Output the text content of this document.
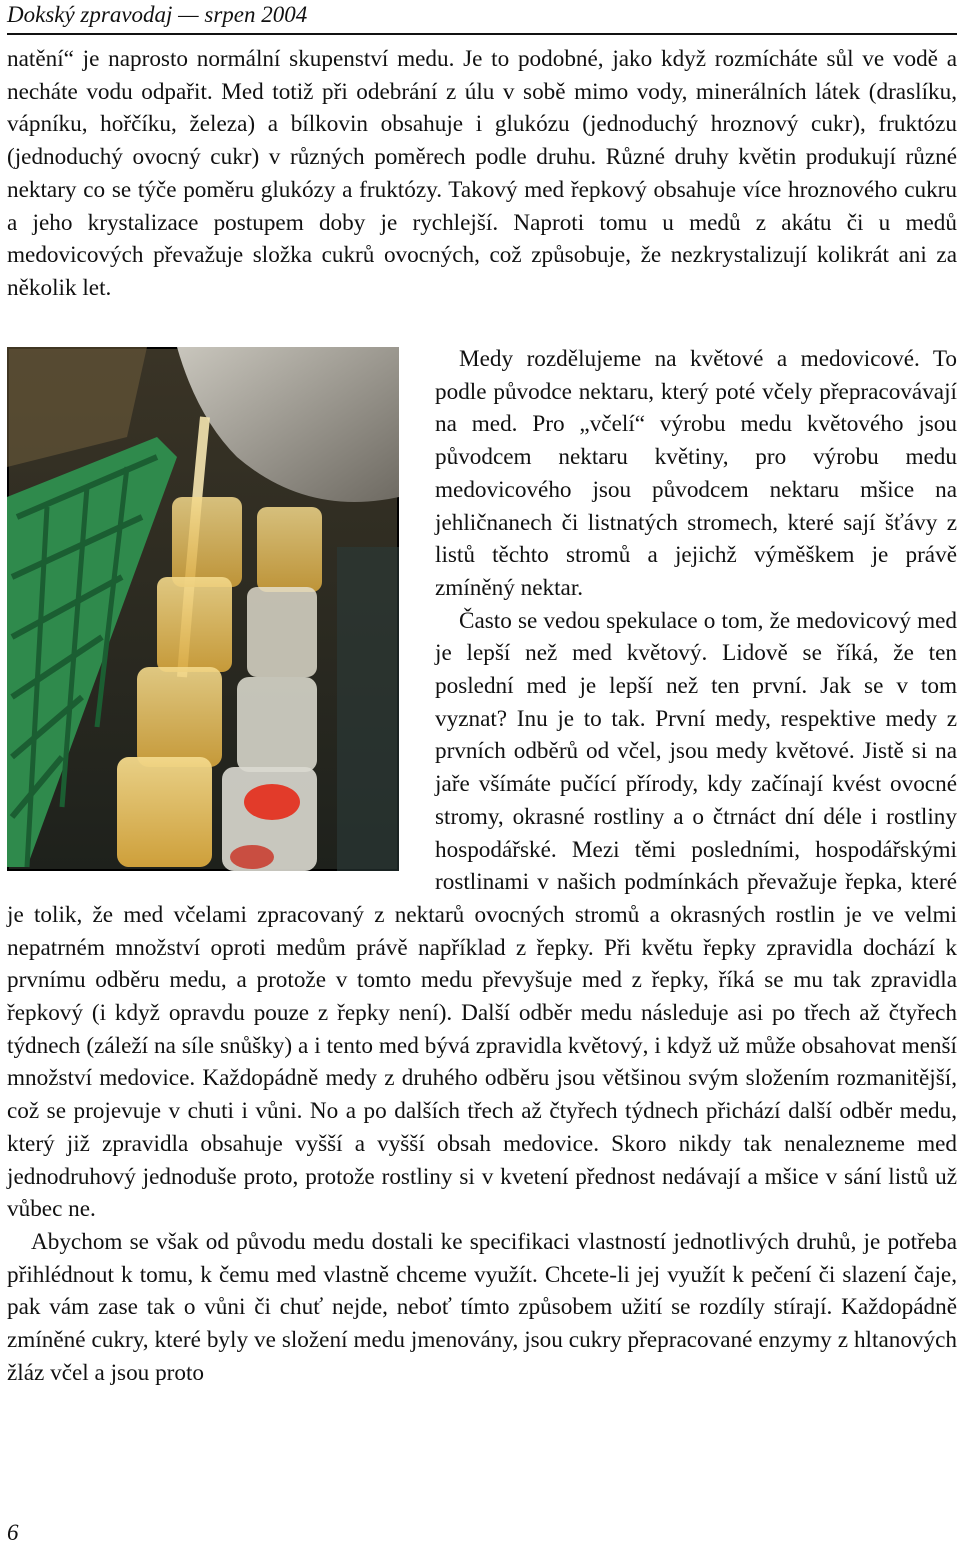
Dokský zpravodaj — srpen 2004

natění“ je naprosto normální skupenství medu. Je to podobné, jako když rozmícháte sůl ve vodě a necháte vodu odpařit. Med totiž při odebrání z úlu v sobě mimo vody, minerálních látek (draslíku, vápníku, hořčíku, železa) a bílkovin obsahuje i glukózu (jednoduchý hroznový cukr), fruktózu (jednoduchý ovocný cukr) v různých poměrech podle druhu. Různé druhy květin produkují různé nektary co se týče poměru glukózy a fruktózy. Takový med řepkový obsahuje více hroznového cukru a jeho krystalizace postupem doby je rychlejší. Naproti tomu u medů z akátu či u medů medovicových převažuje složka cukrů ovocných, což způsobuje, že nezkrystalizují kolikrát ani za několik let.

Medy rozdělujeme na květové a medovicové. To podle původce nektaru, který poté včely přepracovávají na med. Pro „včelí“ výrobu medu květového jsou původcem nektaru květiny, pro výrobu medu medovicového jsou původcem nektaru mšice na jehličnanech či listnatých stromech, které sají šťávy z listů těchto stromů a jejichž výměškem je právě zmíněný nektar.

Často se vedou spekulace o tom, že medovicový med je lepší než med květový. Lidově se říká, že ten poslední med je lepší než ten první. Jak se v tom vyznat? Inu je to tak. První medy, respektive medy z prvních odběrů od včel, jsou medy květové. Jistě si na jaře všímáte pučící přírody, kdy začínají kvést ovocné stromy, okrasné rostliny a o čtrnáct dní déle i rostliny hospodářské. Mezi těmi posledními, hospodářskými rostlinami v našich podmínkách převažuje řepka, které je tolik, že med včelami zpracovaný z nektarů ovocných stromů a okrasných rostlin je ve velmi nepatrném množství oproti medům právě například z řepky. Při květu řepky zpravidla dochází k prvnímu odběru medu, a protože v tomto medu převyšuje med z řepky, říká se mu tak zpravidla řepkový (i když opravdu pouze z řepky není). Další odběr medu následuje asi po třech až čtyřech týdnech (záleží na síle snůšky) a i tento med bývá zpravidla květový, i když už může obsahovat menší množství medovice. Každopádně medy z druhého odběru jsou většinou svým složením rozmanitější, což se projevuje v chuti i vůni. No a po dalších třech až čtyřech týdnech přichází další odběr medu, který již zpravidla obsahuje vyšší a vyšší obsah medovice. Skoro nikdy tak nenalezneme med jednodruhový jednoduše proto, protože rostliny si v kvetení přednost nedávají a mšice v sání listů už vůbec ne.

Abychom se však od původu medu dostali ke specifikaci vlastností jednotlivých druhů, je potřeba přihlédnout k tomu, k čemu med vlastně chceme využít. Chcete-li jej využít k pečení či slazení čaje, pak vám zase tak o vůni či chuť nejde, neboť tímto způsobem užití se rozdíly stírají. Každopádně zmíněné cukry, které byly ve složení medu jmenovány, jsou cukry přepracované enzymy z hltanových žláz včel a jsou proto

6
